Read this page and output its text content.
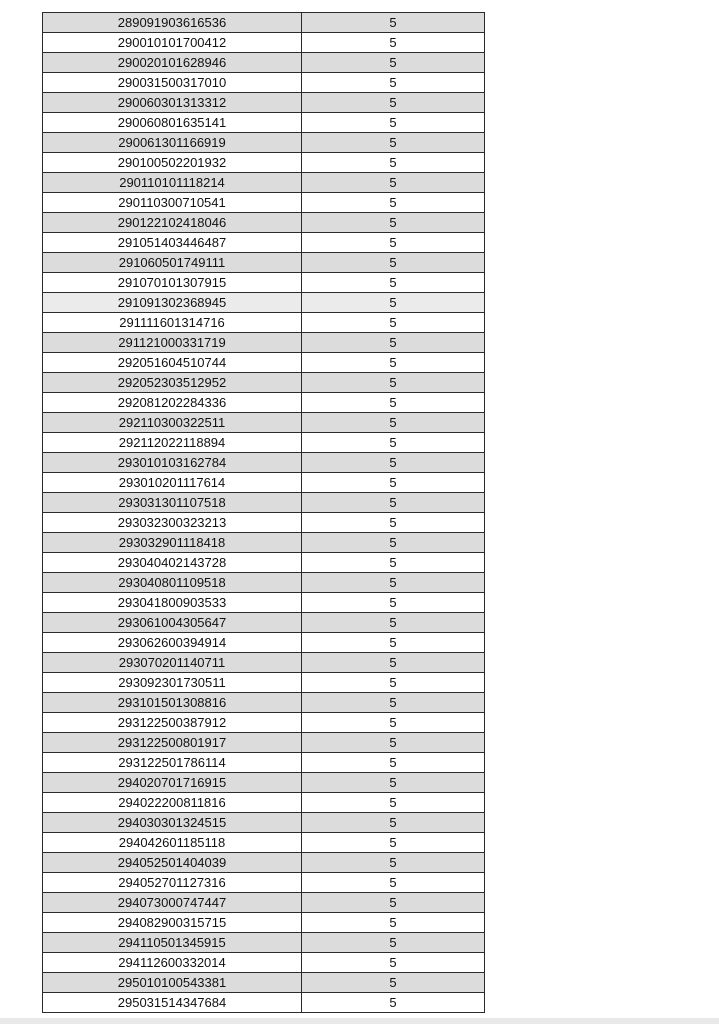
289091903616536	5
290010101700412	5
290020101628946	5
290031500317010	5
290060301313312	5
290060801635141	5
290061301166919	5
290100502201932	5
290110101118214	5
290110300710541	5
290122102418046	5
291051403446487	5
291060501749111	5
291070101307915	5
291091302368945	5
291111601314716	5
291121000331719	5
292051604510744	5
292052303512952	5
292081202284336	5
292110300322511	5
292112022118894	5
293010103162784	5
293010201117614	5
293031301107518	5
293032300323213	5
293032901118418	5
293040402143728	5
293040801109518	5
293041800903533	5
293061004305647	5
293062600394914	5
293070201140711	5
293092301730511	5
293101501308816	5
293122500387912	5
293122500801917	5
293122501786114	5
294020701716915	5
294022200811816	5
294030301324515	5
294042601185118	5
294052501404039	5
294052701127316	5
294073000747447	5
294082900315715	5
294110501345915	5
294112600332014	5
295010100543381	5
295031514347684	5
